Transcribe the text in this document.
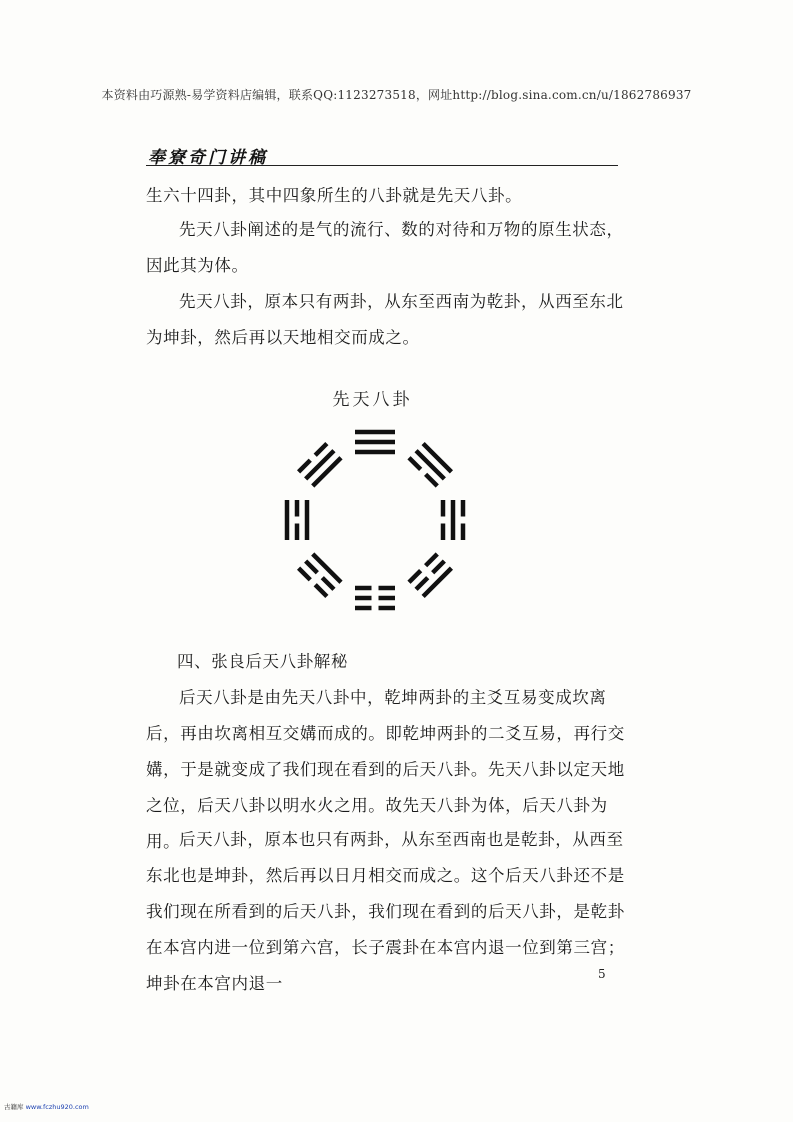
本资料由巧源熟-易学资料店编辑，联系QQ:1123273518，网址http://blog.sina.com.cn/u/1862786937
奉寮奇门讲稿

生六十四卦，其中四象所生的八卦就是先天八卦。

先天八卦阐述的是气的流行、数的对待和万物的原生状态，因此其为体。

先天八卦，原本只有两卦，从东至西南为乾卦，从西至东北为坤卦，然后再以天地相交而成之。

先天八卦

四、张良后天八卦解秘

后天八卦是由先天八卦中，乾坤两卦的主爻互易变成坎离后，再由坎离相互交媾而成的。即乾坤两卦的二爻互易，再行交媾，于是就变成了我们现在看到的后天八卦。先天八卦以定天地之位，后天八卦以明水火之用。故先天八卦为体，后天八卦为用。

后天八卦，原本也只有两卦，从东至西南也是乾卦，从西至东北也是坤卦，然后再以日月相交而成之。这个后天八卦还不是我们现在所看到的后天八卦，我们现在看到的后天八卦，是乾卦在本宫内进一位到第六宫，长子震卦在本宫内退一位到第三宫；坤卦在本宫内退一	5
古籍库 www.fczhu920.com
